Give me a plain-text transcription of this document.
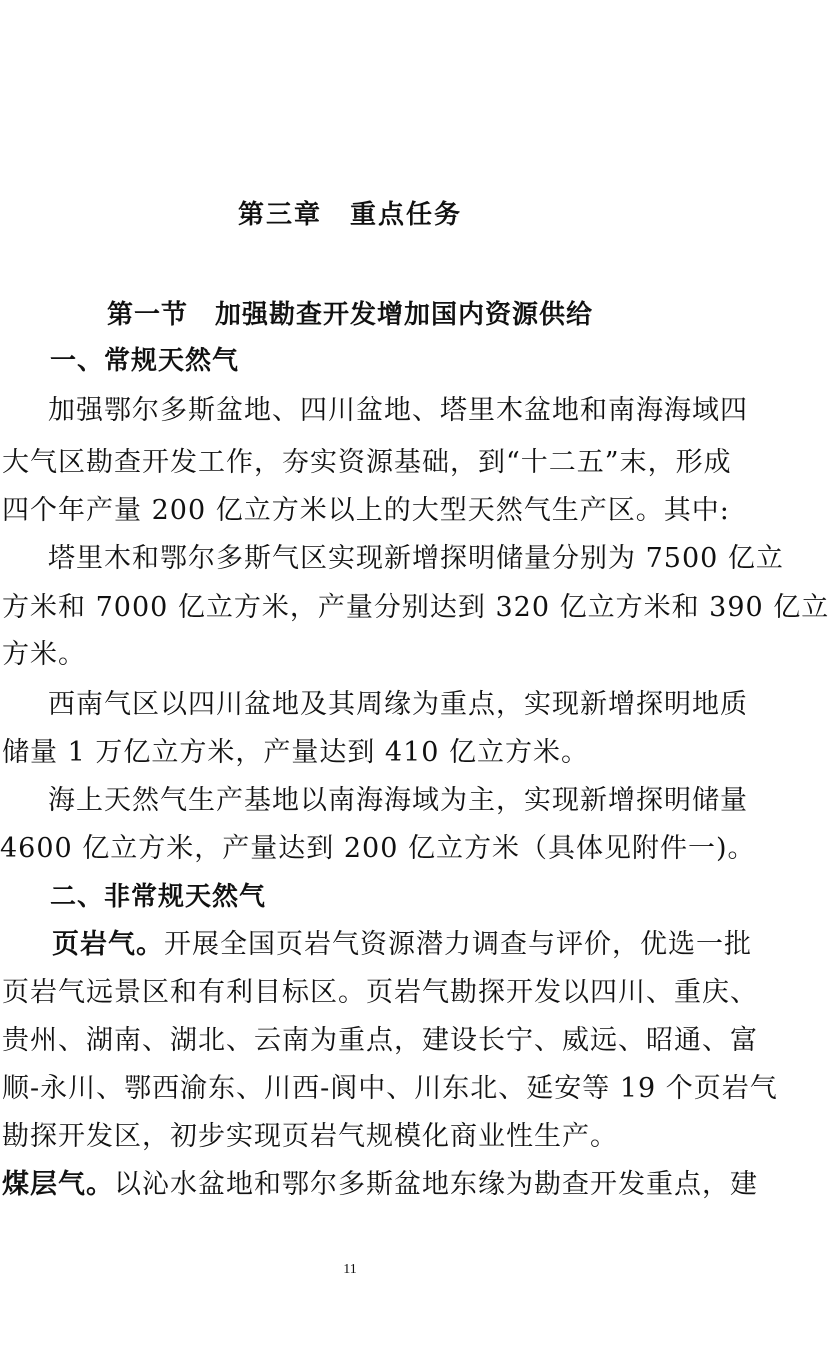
第三章　重点任务
第一节　加强勘查开发增加国内资源供给
一、常规天然气
加强鄂尔多斯盆地、四川盆地、塔里木盆地和南海海域四
大气区勘查开发工作，夯实资源基础，到“十二五”末，形成
四个年产量 200 亿立方米以上的大型天然气生产区。其中:
塔里木和鄂尔多斯气区实现新增探明储量分别为 7500 亿立
方米和 7000 亿立方米，产量分别达到 320 亿立方米和 390 亿立
方米。
西南气区以四川盆地及其周缘为重点，实现新增探明地质
储量 1 万亿立方米，产量达到 410 亿立方米。
海上天然气生产基地以南海海域为主，实现新增探明储量
4600 亿立方米，产量达到 200 亿立方米（具体见附件一)。
二、非常规天然气
页岩气。开展全国页岩气资源潜力调查与评价，优选一批
页岩气远景区和有利目标区。页岩气勘探开发以四川、重庆、
贵州、湖南、湖北、云南为重点，建设长宁、威远、昭通、富
顺-永川、鄂西渝东、川西-阆中、川东北、延安等 19 个页岩气
勘探开发区，初步实现页岩气规模化商业性生产。
煤层气。以沁水盆地和鄂尔多斯盆地东缘为勘查开发重点，建
11
